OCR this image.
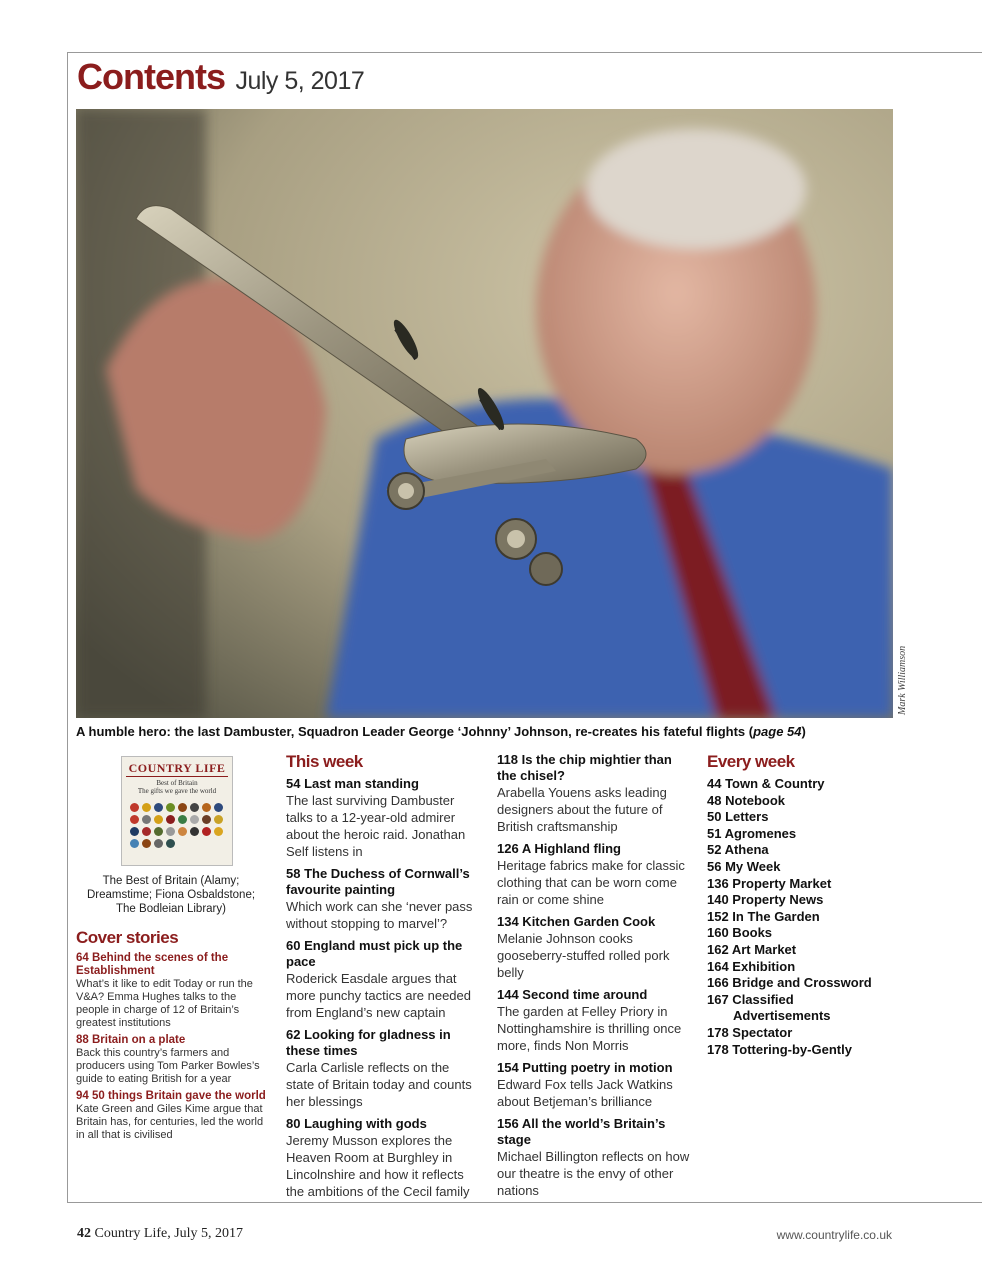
Contents July 5, 2017
Mark Williamson
A humble hero: the last Dambuster, Squadron Leader George ‘Johnny’ Johnson, re-creates his fateful flights (page 54)
COUNTRY LIFE
Best of Britain
The gifts we gave the world
The Best of Britain (Alamy; Dreamstime; Fiona Osbaldstone; The Bodleian Library)
Cover stories
64 Behind the scenes of the Establishment
What’s it like to edit Today or run the V&A? Emma Hughes talks to the people in charge of 12 of Britain’s greatest institutions
88 Britain on a plate
Back this country’s farmers and producers using Tom Parker Bowles’s guide to eating British for a year
94 50 things Britain gave the world
Kate Green and Giles Kime argue that Britain has, for centuries, led the world in all that is civilised
This week
54 Last man standing
The last surviving Dambuster talks to a 12-year-old admirer about the heroic raid. Jonathan Self listens in
58 The Duchess of Cornwall’s favourite painting
Which work can she ‘never pass without stopping to marvel’?
60 England must pick up the pace
Roderick Easdale argues that more punchy tactics are needed from England’s new captain
62 Looking for gladness in these times
Carla Carlisle reflects on the state of Britain today and counts her blessings
80 Laughing with gods
Jeremy Musson explores the Heaven Room at Burghley in Lincolnshire and how it reflects the ambitions of the Cecil family
118 Is the chip mightier than the chisel?
Arabella Youens asks leading designers about the future of British craftsmanship
126 A Highland fling
Heritage fabrics make for classic clothing that can be worn come rain or come shine
134 Kitchen Garden Cook
Melanie Johnson cooks gooseberry-stuffed rolled pork belly
144 Second time around
The garden at Felley Priory in Nottinghamshire is thrilling once more, finds Non Morris
154 Putting poetry in motion
Edward Fox tells Jack Watkins about Betjeman’s brilliance
156 All the world’s Britain’s stage
Michael Billington reflects on how our theatre is the envy of other nations
Every week
44 Town & Country
48 Notebook
50 Letters
51 Agromenes
52 Athena
56 My Week
136 Property Market
140 Property News
152 In The Garden
160 Books
162 Art Market
164 Exhibition
166 Bridge and Crossword
167 Classified
Advertisements
178 Spectator
178 Tottering-by-Gently
42 Country Life, July 5, 2017	www.countrylife.co.uk
